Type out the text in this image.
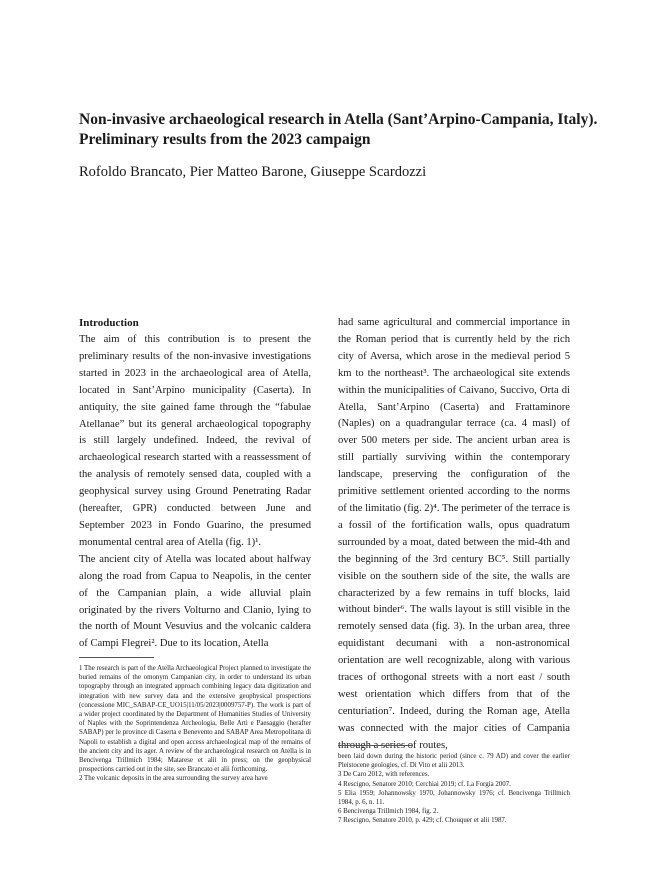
Non-invasive archaeological research in Atella (Sant’Arpino-Campania, Italy). Preliminary results from the 2023 campaign

Rofoldo Brancato, Pier Matteo Barone, Giuseppe Scardozzi

Introduction

The aim of this contribution is to present the preliminary results of the non-invasive investigations started in 2023 in the archaeological area of Atella, located in Sant’Arpino municipality (Caserta). In antiquity, the site gained fame through the “fabulae Atellanae” but its general archaeological topography is still largely undefined. Indeed, the revival of archaeological research started with a reassessment of the analysis of remotely sensed data, coupled with a geophysical survey using Ground Penetrating Radar (hereafter, GPR) conducted between June and September 2023 in Fondo Guarino, the presumed monumental central area of Atella (fig. 1)¹.

The ancient city of Atella was located about halfway along the road from Capua to Neapolis, in the center of the Campanian plain, a wide alluvial plain originated by the rivers Volturno and Clanio, lying to the north of Mount Vesuvius and the volcanic caldera of Campi Flegrei². Due to its location, Atella

had same agricultural and commercial importance in the Roman period that is currently held by the rich city of Aversa, which arose in the medieval period 5 km to the northeast³. The archaeological site extends within the municipalities of Caivano, Succivo, Orta di Atella, Sant’Arpino (Caserta) and Frattaminore (Naples) on a quadrangular terrace (ca. 4 masl) of over 500 meters per side. The ancient urban area is still partially surviving within the contemporary landscape, preserving the configuration of the primitive settlement oriented according to the norms of the limitatio (fig. 2)⁴. The perimeter of the terrace is a fossil of the fortification walls, opus quadratum surrounded by a moat, dated between the mid-4th and the beginning of the 3rd century BC⁵. Still partially visible on the southern side of the site, the walls are characterized by a few remains in tuff blocks, laid without binder⁶. The walls layout is still visible in the remotely sensed data (fig. 3). In the urban area, three equidistant decumani with a non-astronomical orientation are well recognizable, along with various traces of orthogonal streets with a nort east / south west orientation which differs from that of the centuriation⁷. Indeed, during the Roman age, Atella was connected with the major cities of Campania through a series of routes,

1 The research is part of the Atella Archaeological Project planned to investigate the buried remains of the omonym Campanian city, in order to understand its urban topography through an integrated approach combining legacy data digitization and integration with new survey data and the extensive geophysical prospections (concessione MIC_SABAP-CE_UO15|11/05/2023|0009757-P). The work is part of a wider project coordinated by the Department of Humanities Studies of University of Naples with the Soprintendenza Archeologia, Belle Arti e Paesaggio (herafter SABAP) per le province di Caserta e Benevento and SABAP Area Metropolitana di Napoli to establish a digital and open access archaeological map of the remains of the ancient city and its ager. A review of the archaeological research on Atella is in Bencivenga Trillmich 1984; Matarese et alii in press; on the geophysical prospections carried out in the site, see Brancato et alii forthcoming.

2 The volcanic deposits in the area surrounding the survey area have

been laid down during the historic period (since c. 79 AD) and cover the earlier Pleistocene geologies, cf. Di Vito et alii 2013.

3 De Caro 2012, with references.

4 Rescigno, Senatore 2010; Cerchiai 2019; cf. La Forgia 2007.

5 Elia 1959; Johannowsky 1970, Johannowsky 1976; cf. Bencivenga Trillmich 1984, p. 6, n. 11.

6 Bencivenga Trillmich 1984, fig. 2.

7 Rescigno, Senatore 2010, p. 429; cf. Chouquer et alii 1987.
